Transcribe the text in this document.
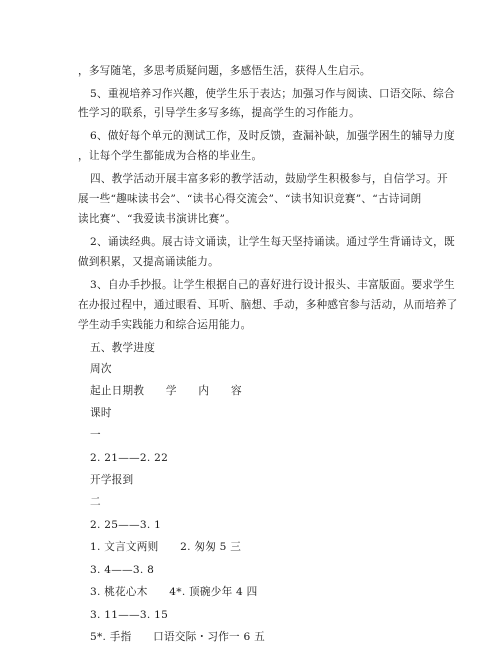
，多写随笔，多思考质疑问题，多感悟生活，获得人生启示。
5、重视培养习作兴趣，使学生乐于表达；加强习作与阅读、口语交际、综合
性学习的联系，引导学生多写多练，提高学生的习作能力。
6、做好每个单元的测试工作，及时反馈，查漏补缺，加强学困生的辅导力度
，让每个学生都能成为合格的毕业生。
四、教学活动开展丰富多彩的教学活动，鼓励学生积极参与，自信学习。开
展一些“趣味读书会”、“读书心得交流会”、“读书知识竞赛”、“古诗词朗
读比赛”、“我爱读书演讲比赛”。
2、诵读经典。展古诗文诵读，让学生每天坚持诵读。通过学生背诵诗文，既
做到积累，又提高诵读能力。
3、自办手抄报。让学生根据自己的喜好进行设计报头、丰富版面。要求学生
在办报过程中，通过眼看、耳听、脑想、手动，多种感官参与活动，从而培养了
学生动手实践能力和综合运用能力。
五、教学进度
周次
起止日期教　　学　　内　　容
课时
一
2. 21——2. 22
开学报到
二
2. 25——3. 1
1. 文言文两则　　2. 匆匆 5 三
3. 4——3. 8
3. 桃花心木　　4*. 顶碗少年 4 四
3. 11——3. 15
5*. 手指　　口语交际・习作一 6 五
